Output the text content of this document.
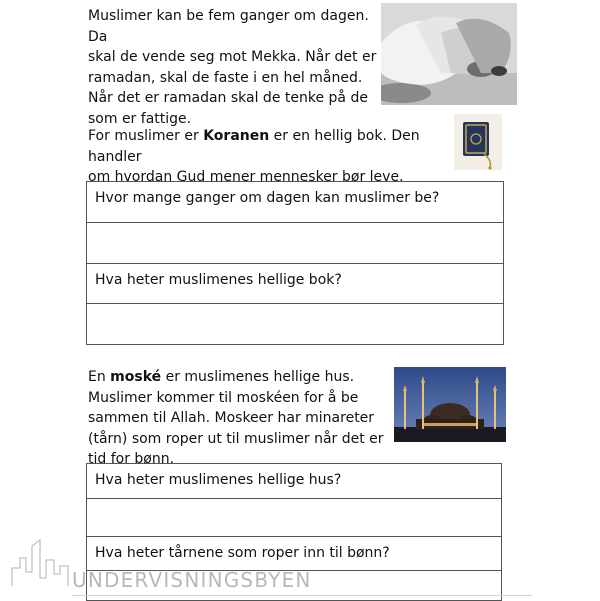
Muslimer kan be fem ganger om dagen. Da
skal de vende seg mot Mekka. Når det er
ramadan, skal de faste i en hel måned.
Når det er ramadan skal de tenke på de
som er fattige.
For muslimer er Koranen er en hellig bok. Den handler
om hvordan Gud mener mennesker bør leve.
Hvor mange ganger om dagen kan muslimer be?

Hva heter muslimenes hellige bok?

En moské er muslimenes hellige hus.
Muslimer kommer til moskéen for å be
sammen til Allah. Moskeer har minareter
(tårn) som roper ut til muslimer når det er
tid for bønn.
Hva heter muslimenes hellige hus?

Hva heter tårnene som roper inn til bønn?

UNDERVISNINGSBYEN
